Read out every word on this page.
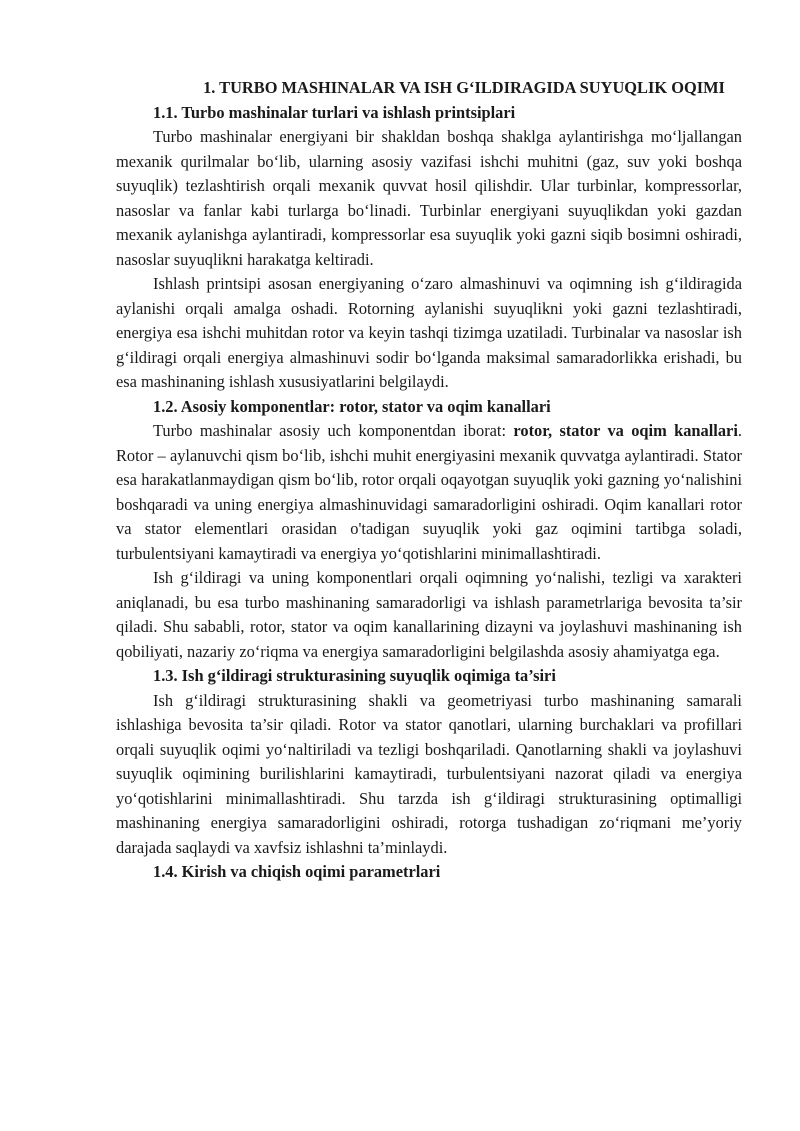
1. TURBO MASHINALAR VA ISH G‘ILDIRAGIDA SUYUQLIK OQIMI
1.1. Turbo mashinalar turlari va ishlash printsiplari

Turbo mashinalar energiyani bir shakldan boshqa shaklga aylantirishga mo‘ljallangan mexanik qurilmalar bo‘lib, ularning asosiy vazifasi ishchi muhitni (gaz, suv yoki boshqa suyuqlik) tezlashtirish orqali mexanik quvvat hosil qilishdir. Ular turbinlar, kompressorlar, nasoslar va fanlar kabi turlarga bo‘linadi. Turbinlar energiyani suyuqlikdan yoki gazdan mexanik aylanishga aylantiradi, kompressorlar esa suyuqlik yoki gazni siqib bosimni oshiradi, nasoslar suyuqlikni harakatga keltiradi.

Ishlash printsipi asosan energiyaning o‘zaro almashinuvi va oqimning ish g‘ildiragida aylanishi orqali amalga oshadi. Rotorning aylanishi suyuqlikni yoki gazni tezlashtiradi, energiya esa ishchi muhitdan rotor va keyin tashqi tizimga uzatiladi. Turbinalar va nasoslar ish g‘ildiragi orqali energiya almashinuvi sodir bo‘lganda maksimal samaradorlikka erishadi, bu esa mashinaning ishlash xususiyatlarini belgilaydi.

1.2. Asosiy komponentlar: rotor, stator va oqim kanallari

Turbo mashinalar asosiy uch komponentdan iborat: rotor, stator va oqim kanallari. Rotor – aylanuvchi qism bo‘lib, ishchi muhit energiyasini mexanik quvvatga aylantiradi. Stator esa harakatlanmaydigan qism bo‘lib, rotor orqali oqayotgan suyuqlik yoki gazning yo‘nalishini boshqaradi va uning energiya almashinuvidagi samaradorligini oshiradi. Oqim kanallari rotor va stator elementlari orasidan o'tadigan suyuqlik yoki gaz oqimini tartibga soladi, turbulentsiyani kamaytiradi va energiya yo‘qotishlarini minimallashtiradi.

Ish g‘ildiragi va uning komponentlari orqali oqimning yo‘nalishi, tezligi va xarakteri aniqlanadi, bu esa turbo mashinaning samaradorligi va ishlash parametrlariga bevosita ta’sir qiladi. Shu sababli, rotor, stator va oqim kanallarining dizayni va joylashuvi mashinaning ish qobiliyati, nazariy zo‘riqma va energiya samaradorligini belgilashda asosiy ahamiyatga ega.

1.3. Ish g‘ildiragi strukturasining suyuqlik oqimiga ta’siri

Ish g‘ildiragi strukturasining shakli va geometriyasi turbo mashinaning samarali ishlashiga bevosita ta’sir qiladi. Rotor va stator qanotlari, ularning burchaklari va profillari orqali suyuqlik oqimi yo‘naltiriladi va tezligi boshqariladi. Qanotlarning shakli va joylashuvi suyuqlik oqimining burilishlarini kamaytiradi, turbulentsiyani nazorat qiladi va energiya yo‘qotishlarini minimallashtiradi. Shu tarzda ish g‘ildiragi strukturasining optimalligi mashinaning energiya samaradorligini oshiradi, rotorga tushadigan zo‘riqmani me’yoriy darajada saqlaydi va xavfsiz ishlashni ta’minlaydi.

1.4. Kirish va chiqish oqimi parametrlari
